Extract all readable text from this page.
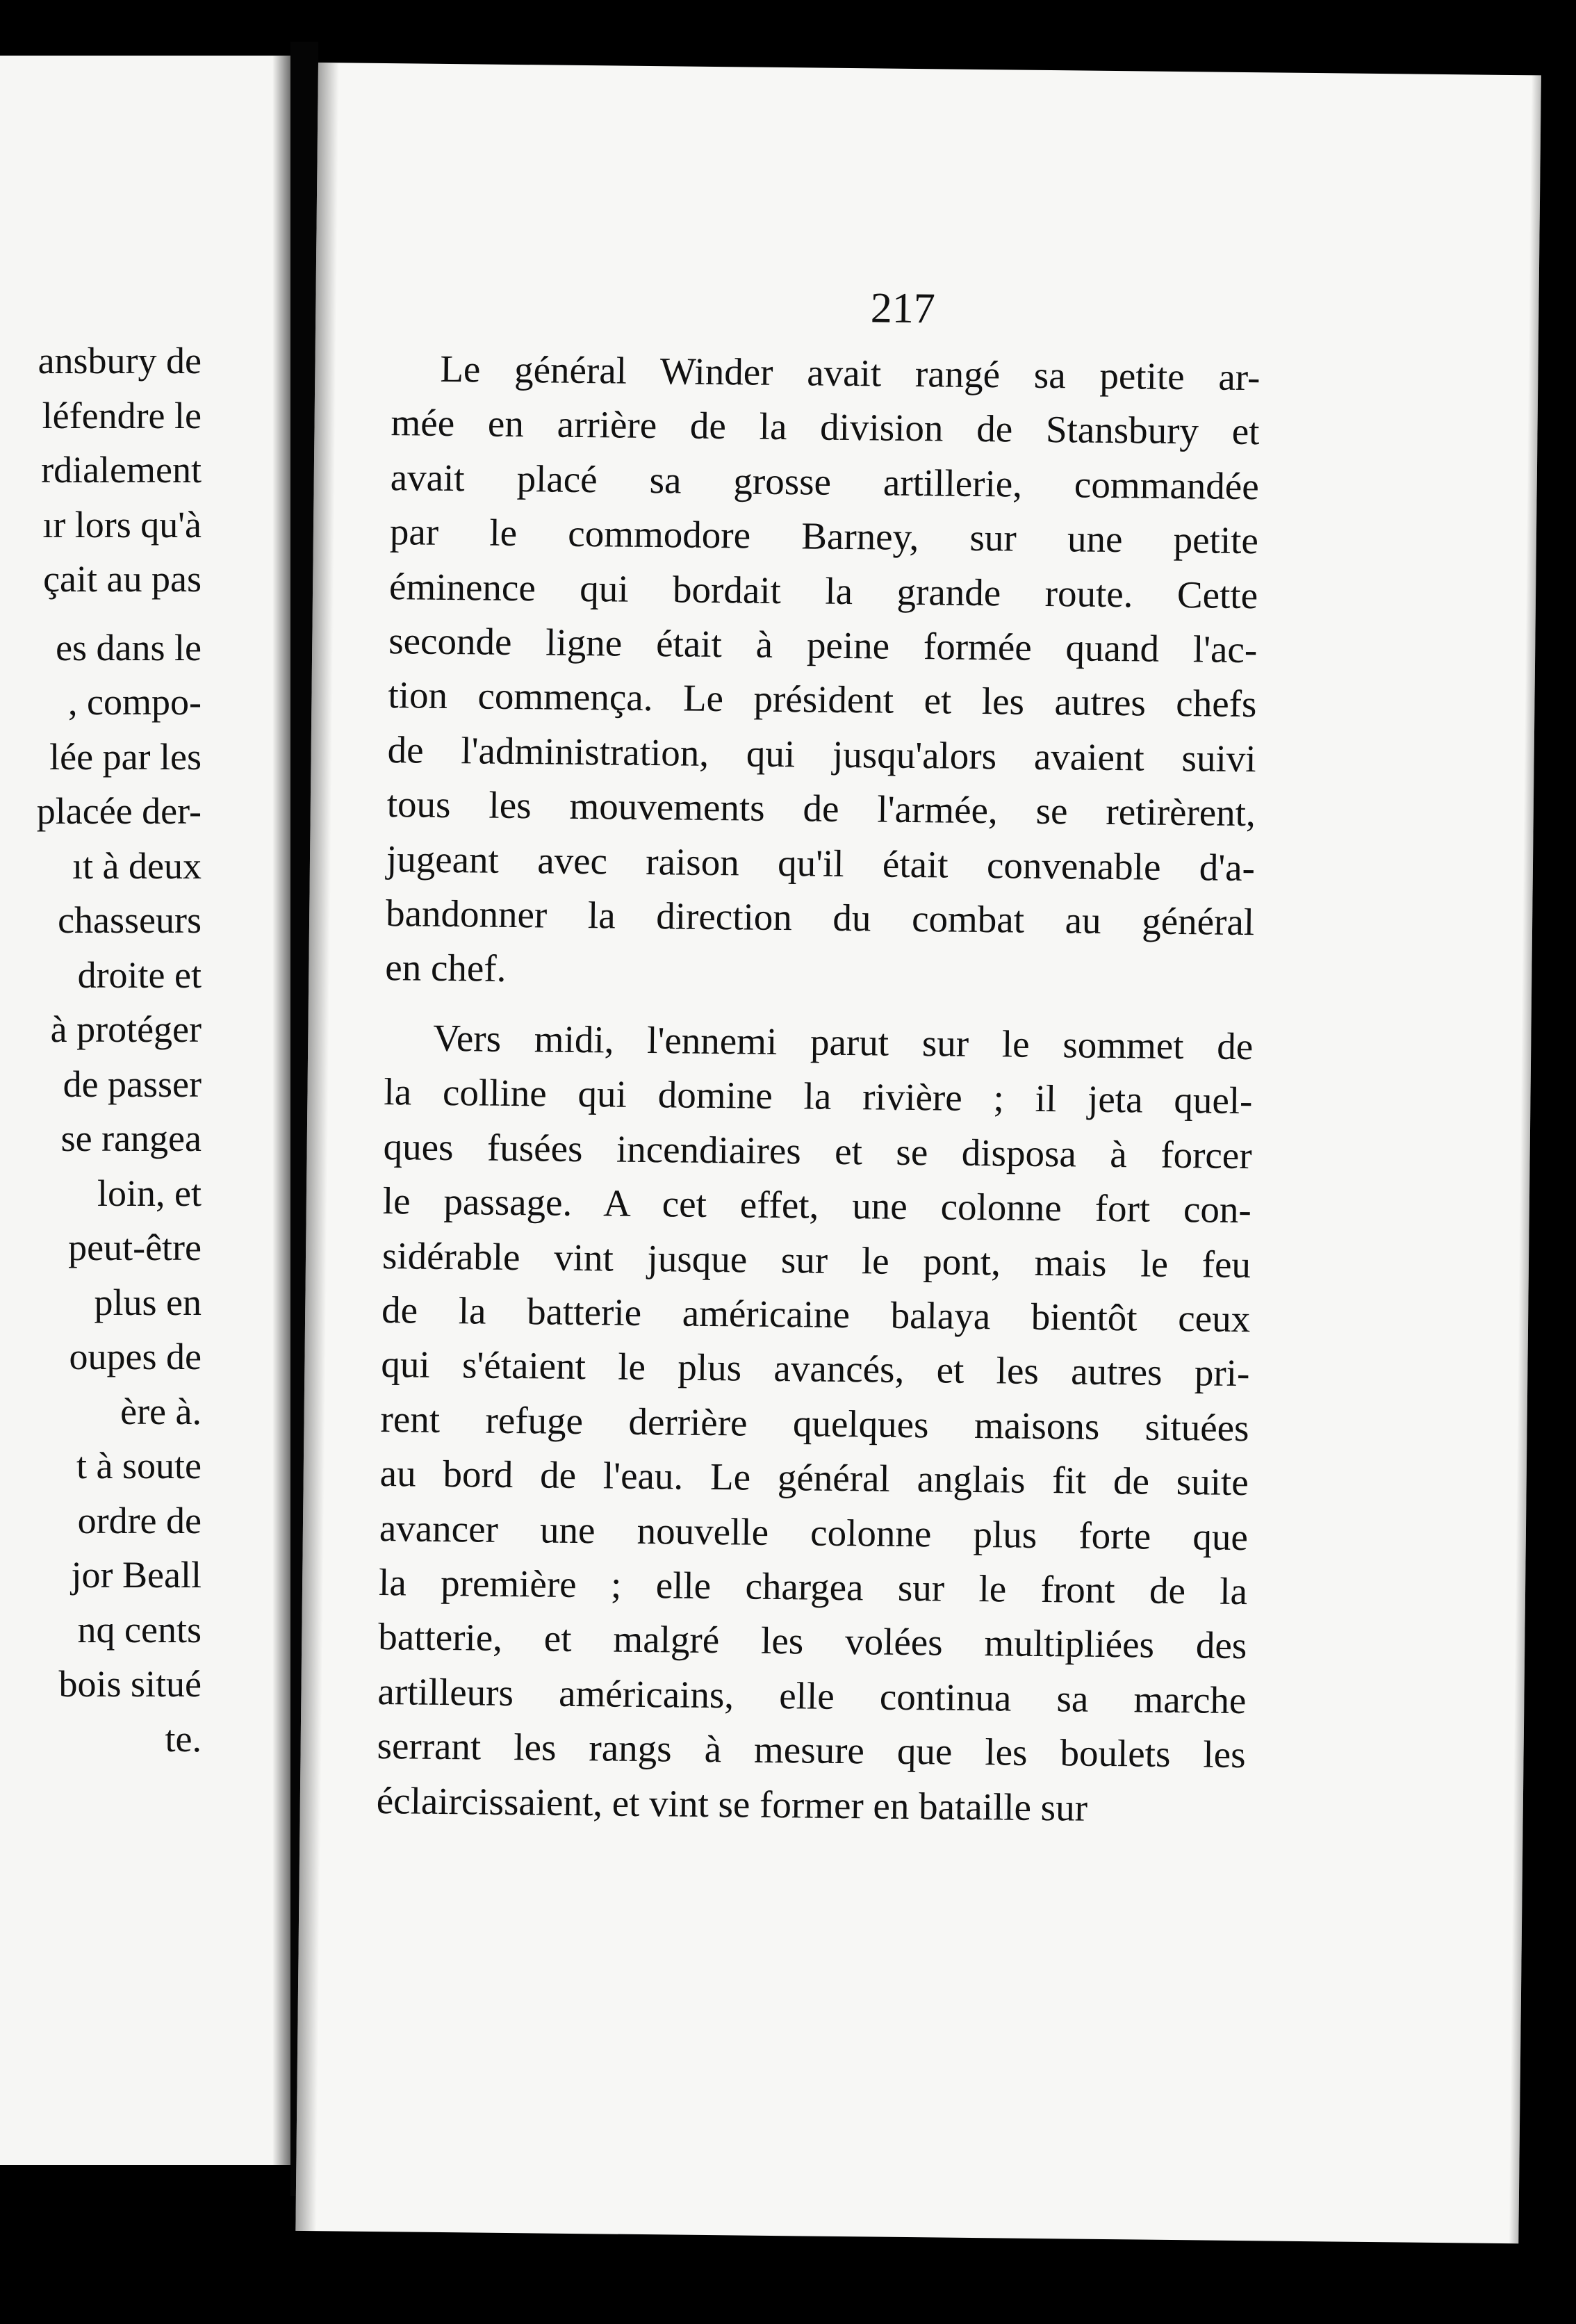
ansbury de
léfendre le
rdialement
ır lors qu'à
çait au pas
es dans le
, compo-
lée par les
placée der-
ıt à deux
chasseurs
droite et
à protéger
de passer
se rangea
loin, et
peut-être
plus en
oupes de
ère à.
t à soute
ordre de
jor Beall
nq cents
bois situé
te.
217
Le général Winder avait rangé sa petite ar-
mée en arrière de la division de Stansbury et
avait placé sa grosse artillerie, commandée
par le commodore Barney, sur une petite
éminence qui bordait la grande route. Cette
seconde ligne était à peine formée quand l'ac-
tion commença. Le président et les autres chefs
de l'administration, qui jusqu'alors avaient suivi
tous les mouvements de l'armée, se retirèrent,
jugeant avec raison qu'il était convenable d'a-
bandonner la direction du combat au général
en chef.
Vers midi, l'ennemi parut sur le sommet de
la colline qui domine la rivière ; il jeta quel-
ques fusées incendiaires et se disposa à forcer
le passage. A cet effet, une colonne fort con-
sidérable vint jusque sur le pont, mais le feu
de la batterie américaine balaya bientôt ceux
qui s'étaient le plus avancés, et les autres pri-
rent refuge derrière quelques maisons situées
au bord de l'eau. Le général anglais fit de suite
avancer une nouvelle colonne plus forte que
la première ; elle chargea sur le front de la
batterie, et malgré les volées multipliées des
artilleurs américains, elle continua sa marche
serrant les rangs à mesure que les boulets les
éclaircissaient, et vint se former en bataille sur
